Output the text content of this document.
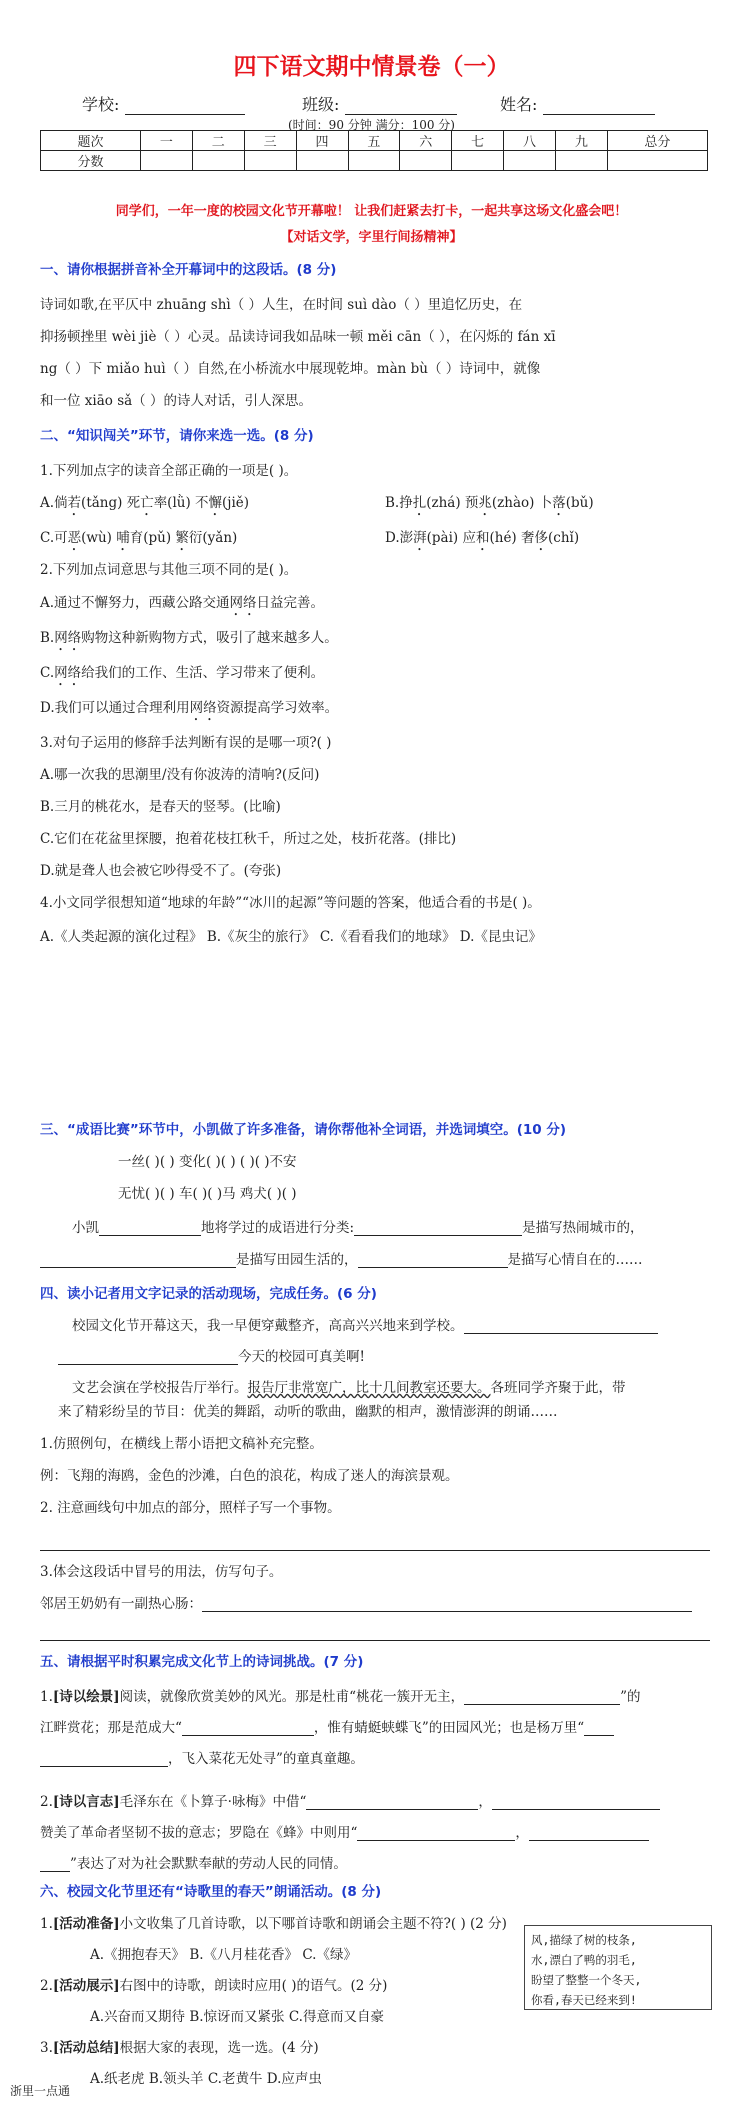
四下语文期中情景卷（一）
学校:	班级:	姓名:
(时间：90 分钟 满分：100 分)
题次	一	二	三	四	五	六	七	八	九	总分
分数										
同学们，一年一度的校园文化节开幕啦！ 让我们赶紧去打卡，一起共享这场文化盛会吧！
【对话文学，字里行间扬精神】
一、请你根据拼音补全开幕词中的这段话。(8 分)
诗词如歌,在平仄中 zhuāng shì（ ）人生，在时间 suì dào（ ）里追忆历史，在
抑扬顿挫里 wèi jiè（ ）心灵。品读诗词我如品味一顿 měi cān（ ），在闪烁的 fán xī
ng（ ）下 miǎo huì（ ）自然,在小桥流水中展现乾坤。màn bù（ ）诗词中，就像
和一位 xiāo sǎ（ ）的诗人对话，引人深思。
二、“知识闯关”环节，请你来选一选。(8 分)
1.下列加点字的读音全部正确的一项是( )。
A.倘若(tǎng) 死亡率(lǜ) 不懈(jiě)	B.挣扎(zhá) 预兆(zhào) 卜落(bǔ)
C.可恶(wù) 哺育(pǔ) 繁衍(yǎn)	D.澎湃(pài) 应和(hé) 奢侈(chǐ)
2.下列加点词意思与其他三项不同的是( )。
A.通过不懈努力，西藏公路交通网络日益完善。
B.网络购物这种新购物方式，吸引了越来越多人。
C.网络给我们的工作、生活、学习带来了便利。
D.我们可以通过合理利用网络资源提高学习效率。
3.对句子运用的修辞手法判断有误的是哪一项?( )
A.哪一次我的思潮里/没有你波涛的清响?(反问)
B.三月的桃花水，是春天的竖琴。(比喻)
C.它们在花盆里探腰，抱着花枝扛秋千，所过之处，枝折花落。(排比)
D.就是聋人也会被它吵得受不了。(夸张)
4.小文同学很想知道“地球的年龄”“冰川的起源”等问题的答案，他适合看的书是( )。
A.《人类起源的演化过程》 B.《灰尘的旅行》 C.《看看我们的地球》 D.《昆虫记》
三、“成语比赛”环节中，小凯做了许多准备，请你帮他补全词语，并选词填空。(10 分)
一丝( )( ) 变化( )( ) ( )( )不安
无忧( )( ) 车( )( )马 鸡犬( )( )
小凯	地将学过的成语进行分类:	是描写热闹城市的，
是描写田园生活的，	是描写心情自在的……
四、读小记者用文字记录的活动现场，完成任务。(6 分)
校园文化节开幕这天，我一早便穿戴整齐，高高兴兴地来到学校。
今天的校园可真美啊!
文艺会演在学校报告厅举行。报告厅非常宽广，比十几间教室还要大。各班同学齐聚于此，带
来了精彩纷呈的节目：优美的舞蹈，动听的歌曲，幽默的相声，激情澎湃的朗诵……
1.仿照例句，在横线上帮小语把文稿补充完整。
例：飞翔的海鸥，金色的沙滩，白色的浪花，构成了迷人的海滨景观。
2. 注意画线句中加点的部分，照样子写一个事物。
3.体会这段话中冒号的用法，仿写句子。
邻居王奶奶有一副热心肠：
五、请根据平时积累完成文化节上的诗词挑战。(7 分)
1.[诗以绘景]阅读，就像欣赏美妙的风光。那是杜甫“桃花一簇开无主，	”的
江畔赏花；那是范成大“	，惟有蜻蜓蛱蝶飞”的田园风光；也是杨万里“
，飞入菜花无处寻”的童真童趣。
2.[诗以言志]毛泽东在《卜算子·咏梅》中借“	，
赞美了革命者坚韧不拔的意志；罗隐在《蜂》中则用“	，
”表达了对为社会默默奉献的劳动人民的同情。
六、校园文化节里还有“诗歌里的春天”朗诵活动。(8 分)
1.[活动准备]小文收集了几首诗歌，以下哪首诗歌和朗诵会主题不符?( ) (2 分)
A.《拥抱春天》 B.《八月桂花香》 C.《绿》
2.[活动展示]右图中的诗歌，朗读时应用( )的语气。(2 分)
A.兴奋而又期待 B.惊讶而又紧张 C.得意而又自豪
3.[活动总结]根据大家的表现，选一选。(4 分)
A.纸老虎 B.领头羊 C.老黄牛 D.应声虫
风,描绿了树的枝条,
水,漂白了鸭的羽毛,
盼望了整整一个冬天,
你看,春天已经来到!
浙里一点通
